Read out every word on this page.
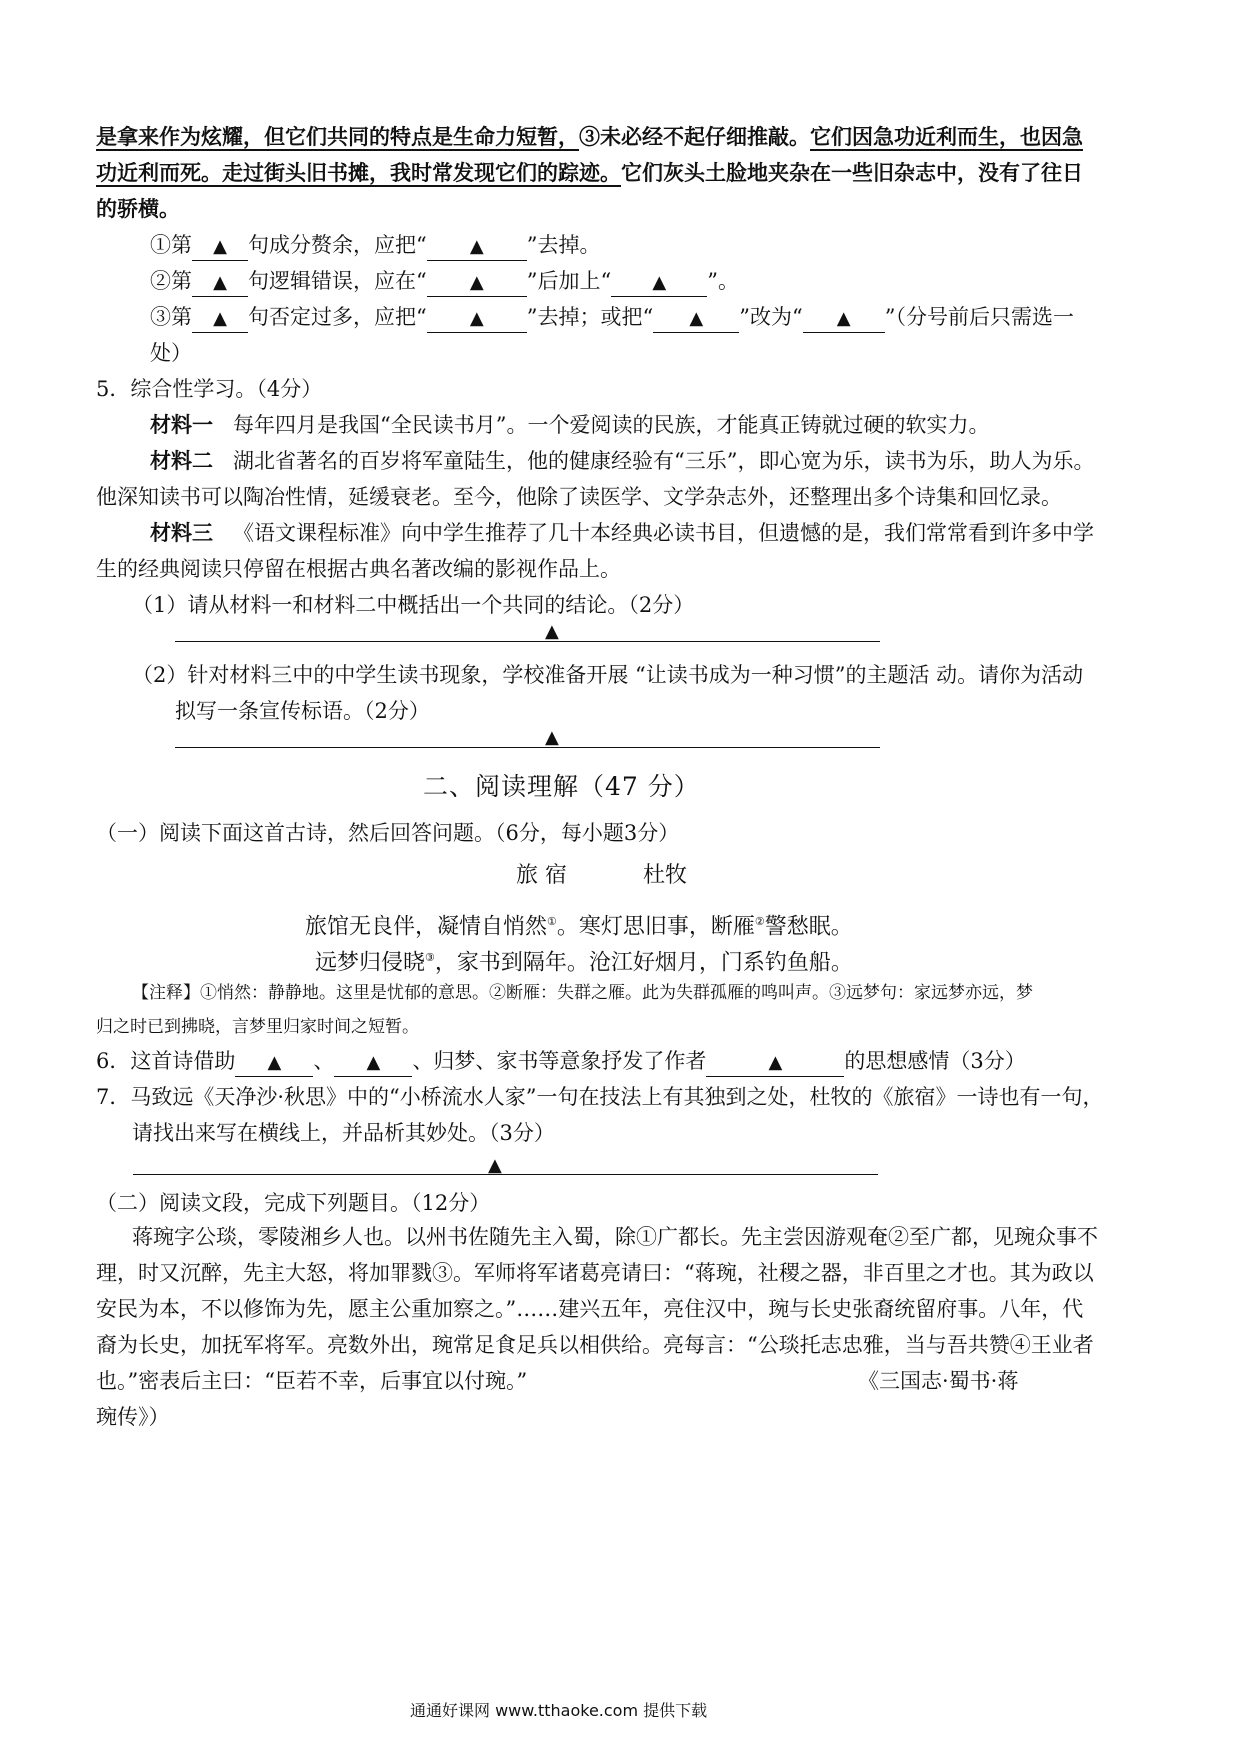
是拿来作为炫耀，但它们共同的特点是生命力短暂，③未必经不起仔细推敲。它们因急功近利而生，也因急
功近利而死。走过街头旧书摊，我时常发现它们的踪迹。它们灰头土脸地夹杂在一些旧杂志中，没有了往日
的骄横。
①第 ▲ 句成分赘余，应把“ ▲ ”去掉。
②第 ▲ 句逻辑错误，应在“ ▲ ”后加上“ ▲ ”。
③第 ▲ 句否定过多，应把“ ▲ ”去掉；或把“ ▲ ”改为“ ▲ ”（分号前后只需选一
处）
5．综合性学习。（4分）
材料一 每年四月是我国“全民读书月”。一个爱阅读的民族，才能真正铸就过硬的软实力。
材料二 湖北省著名的百岁将军童陆生，他的健康经验有“三乐”，即心宽为乐，读书为乐，助人为乐。
他深知读书可以陶冶性情，延缓衰老。至今，他除了读医学、文学杂志外，还整理出多个诗集和回忆录。
材料三 《语文课程标准》向中学生推荐了几十本经典必读书目，但遗憾的是，我们常常看到许多中学
生的经典阅读只停留在根据古典名著改编的影视作品上。
（1）请从材料一和材料二中概括出一个共同的结论。（2分）
▲
（2）针对材料三中的中学生读书现象，学校准备开展 “让读书成为一种习惯”的主题活 动。请你为活动
拟写一条宣传标语。（2分）
▲
二、阅读理解（47 分）
（一）阅读下面这首古诗，然后回答问题。（6分，每小题3分）
旅 宿	杜牧
旅馆无良伴，凝情自悄然①。寒灯思旧事，断雁②警愁眠。
远梦归侵晓③，家书到隔年。沧江好烟月，门系钓鱼船。
【注释】①悄然：静静地。这里是忧郁的意思。②断雁：失群之雁。此为失群孤雁的鸣叫声。③远梦句：家远梦亦远，梦
归之时已到拂晓，言梦里归家时间之短暂。
6．这首诗借助 ▲ 、 ▲ 、归梦、家书等意象抒发了作者	▲	的思想感情（3分）
7．马致远《天净沙·秋思》中的“小桥流水人家”一句在技法上有其独到之处，杜牧的《旅宿》一诗也有一句，
请找出来写在横线上，并品析其妙处。（3分）
▲
（二）阅读文段，完成下列题目。（12分）
蒋琬字公琰，零陵湘乡人也。以州书佐随先主入蜀，除①广都长。先主尝因游观奄②至广都，见琬众事不
理，时又沉醉，先主大怒，将加罪戮③。军师将军诸葛亮请曰：“蒋琬，社稷之器，非百里之才也。其为政以
安民为本，不以修饰为先，愿主公重加察之。”……建兴五年，亮住汉中，琬与长史张裔统留府事。八年，代
裔为长史，加抚军将军。亮数外出，琬常足食足兵以相供给。亮每言：“公琰托志忠雅，当与吾共赞④王业者
也。”密表后主曰：“臣若不幸，后事宜以付琬。”	《三国志·蜀书·蒋
琬传》）
通通好课网 www.tthaoke.com 提供下载
